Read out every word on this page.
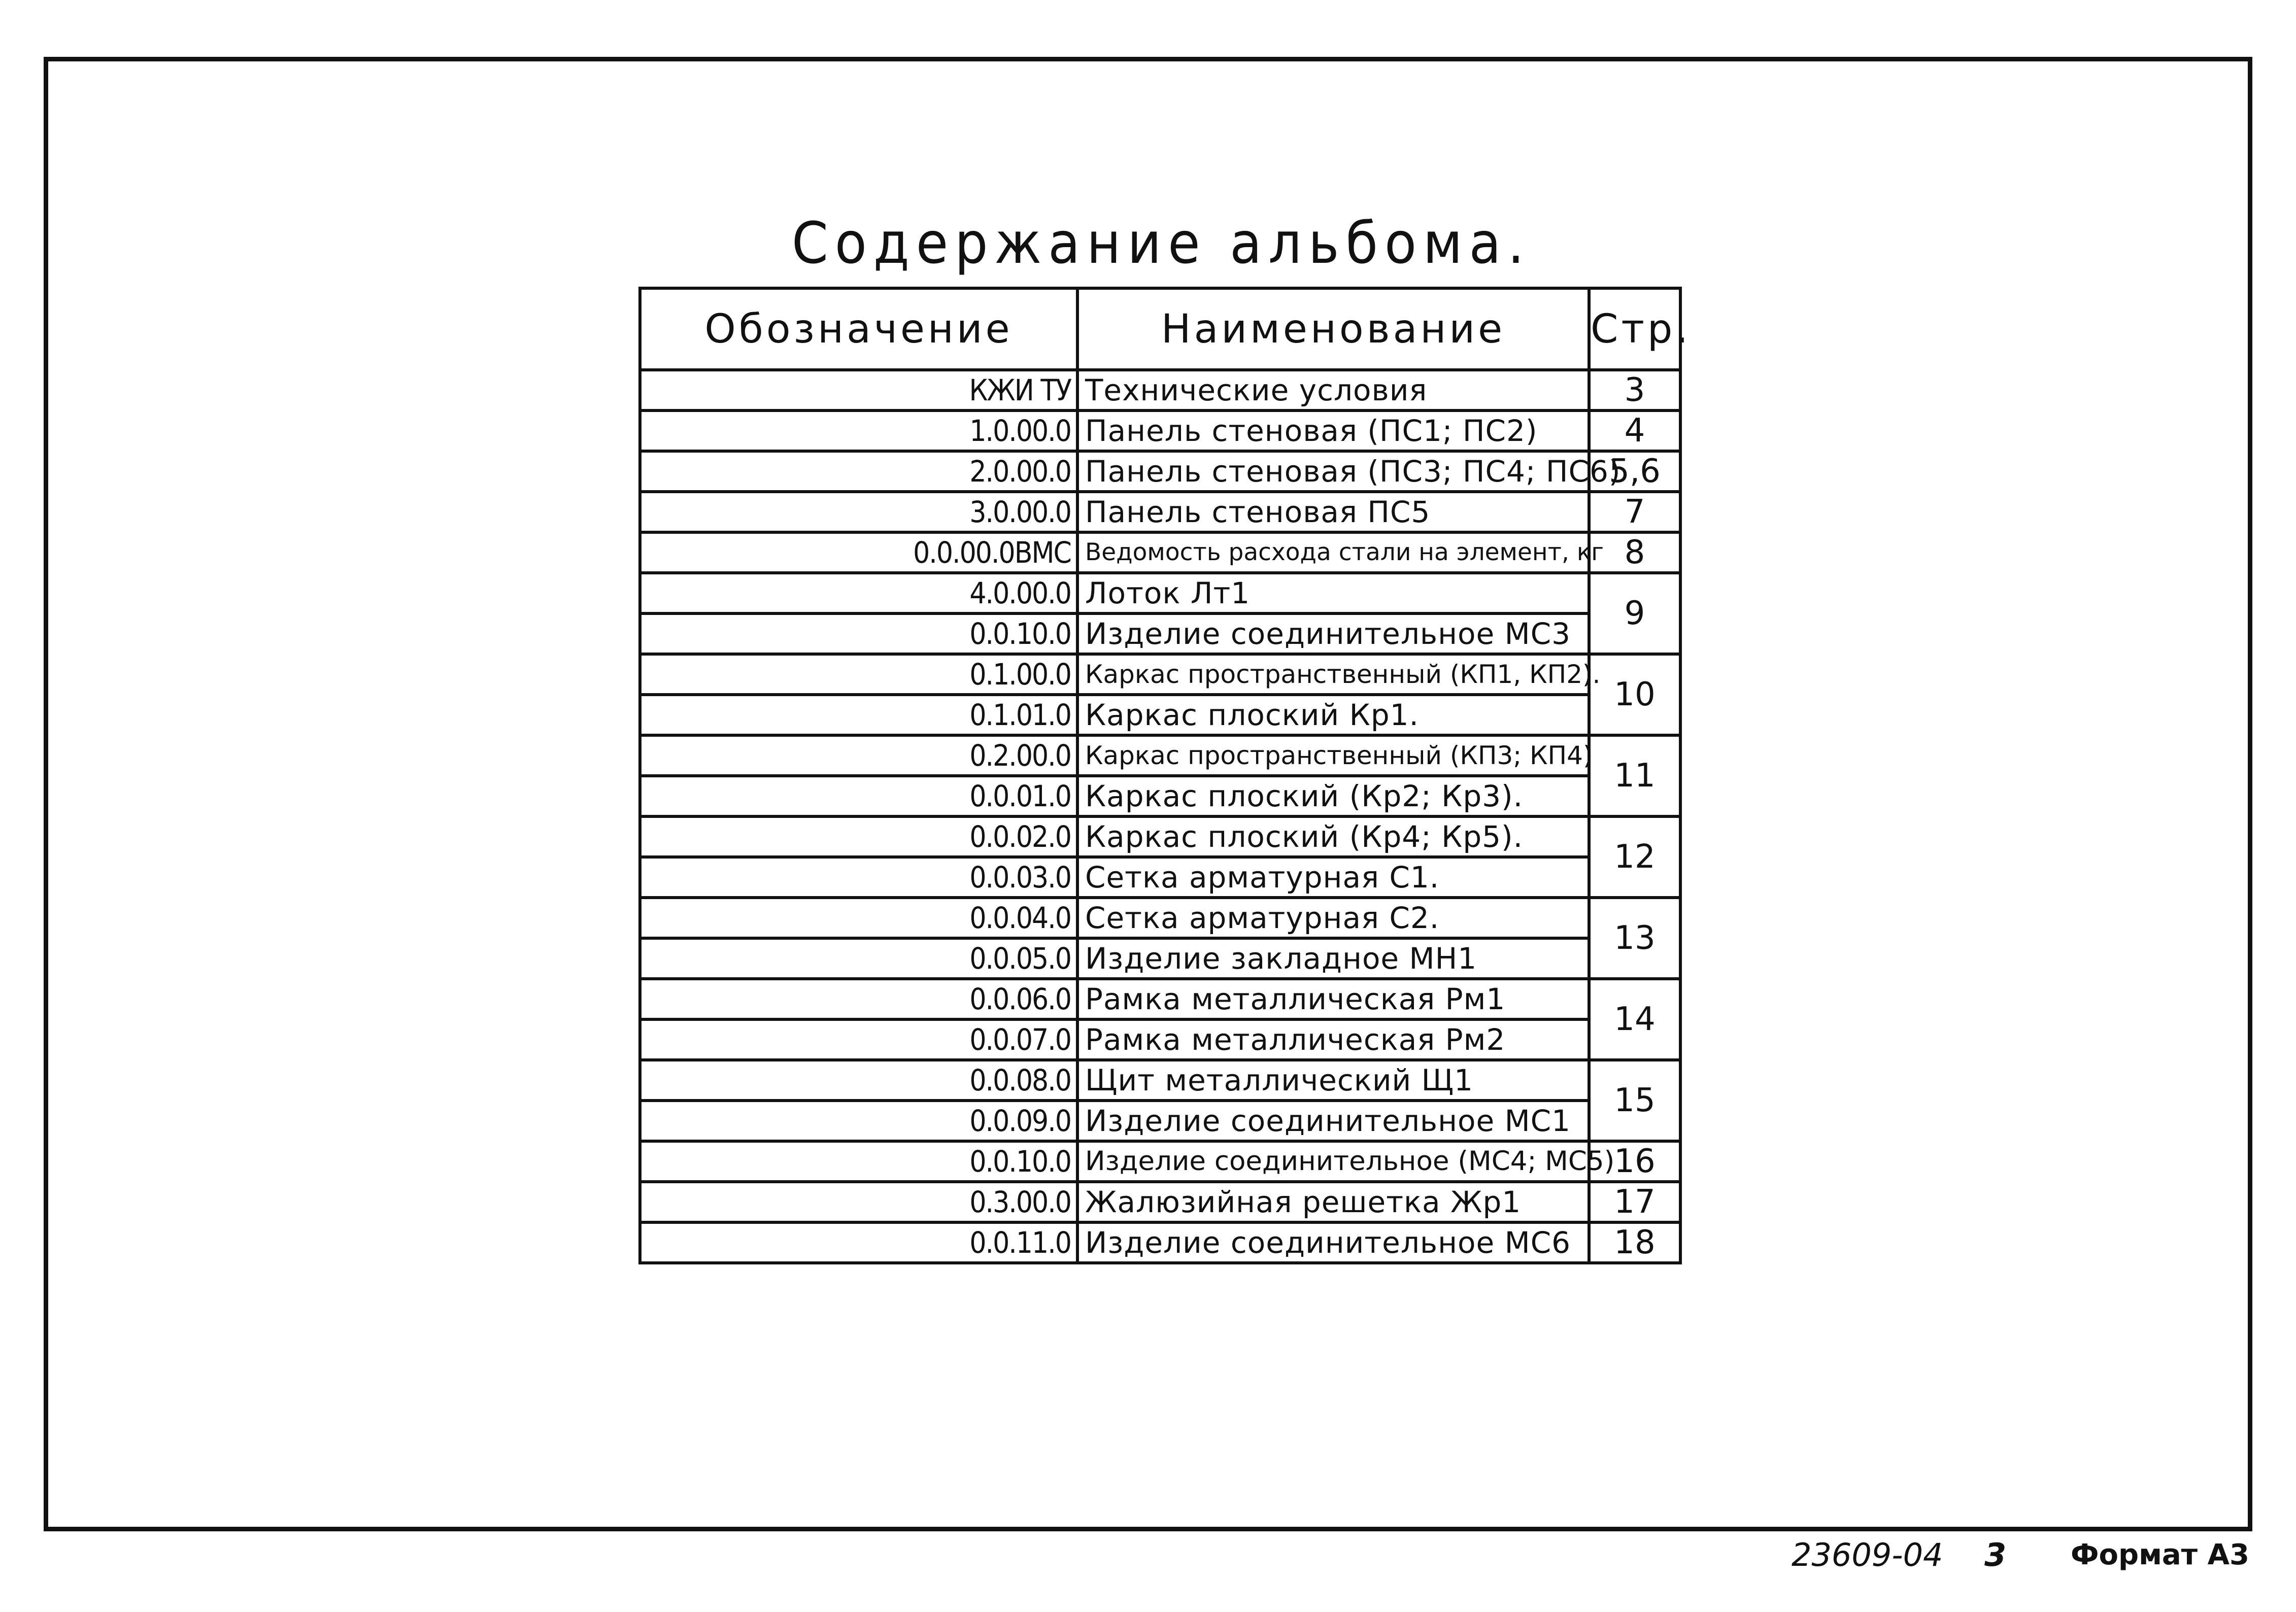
Содержание альбома.
Обозначение	Наименование	Стр.
КЖИ ТУ	Технические условия	3
1.0.00.0	Панель стеновая (ПС1; ПС2)	4
2.0.00.0	Панель стеновая (ПС3; ПС4; ПС6)	5,6
3.0.00.0	Панель стеновая ПС5	7
0.0.00.0ВМС	Ведомость расхода стали на элемент, кг	8
4.0.00.0	Лоток Лт1	9
0.0.10.0	Изделие соединительное МС3	
0.1.00.0	Каркас пространственный (КП1, КП2).	10
0.1.01.0	Каркас плоский Кр1.	
0.2.00.0	Каркас пространственный (КП3; КП4)	11
0.0.01.0	Каркас плоский (Кр2; Кр3).	
0.0.02.0	Каркас плоский (Кр4; Кр5).	12
0.0.03.0	Сетка арматурная С1.	
0.0.04.0	Сетка арматурная С2.	13
0.0.05.0	Изделие закладное МН1	
0.0.06.0	Рамка металлическая Рм1	14
0.0.07.0	Рамка металлическая Рм2	
0.0.08.0	Щит металлический Щ1	15
0.0.09.0	Изделие соединительное МС1	
0.0.10.0	Изделие соединительное (МС4; МС5)	16
0.3.00.0	Жалюзийная решетка Жр1	17
0.0.11.0	Изделие соединительное МС6	18
23609-04 3 Формат А3
